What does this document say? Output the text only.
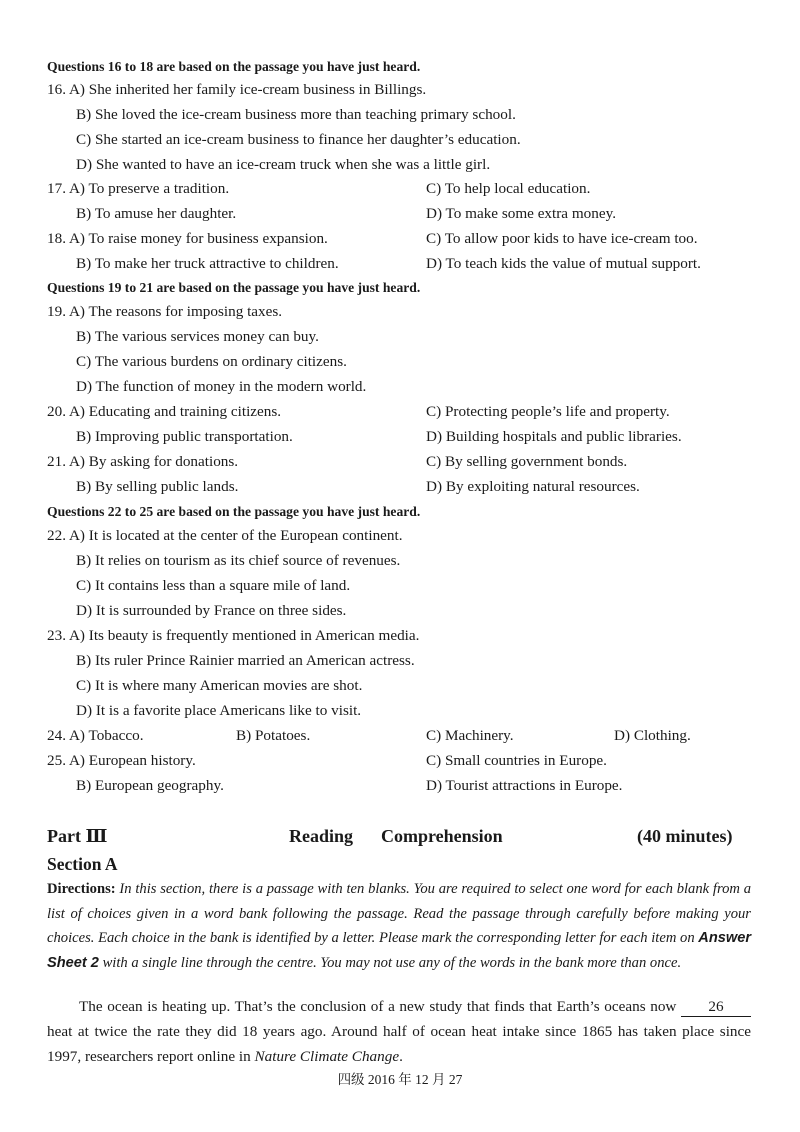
Questions 16 to 18 are based on the passage you have just heard.
16. A) She inherited her family ice-cream business in Billings.
B) She loved the ice-cream business more than teaching primary school.
C) She started an ice-cream business to finance her daughter’s education.
D) She wanted to have an ice-cream truck when she was a little girl.
17. A) To preserve a tradition.	C) To help local education.
B) To amuse her daughter.	D) To make some extra money.
18. A) To raise money for business expansion.	C) To allow poor kids to have ice-cream too.
B) To make her truck attractive to children.	D) To teach kids the value of mutual support.
Questions 19 to 21 are based on the passage you have just heard.
19. A) The reasons for imposing taxes.
B) The various services money can buy.
C) The various burdens on ordinary citizens.
D) The function of money in the modern world.
20. A) Educating and training citizens.	C) Protecting people’s life and property.
B) Improving public transportation.	D) Building hospitals and public libraries.
21. A) By asking for donations.	C) By selling government bonds.
B) By selling public lands.	D) By exploiting natural resources.
Questions 22 to 25 are based on the passage you have just heard.
22. A) It is located at the center of the European continent.
B) It relies on tourism as its chief source of revenues.
C) It contains less than a square mile of land.
D) It is surrounded by France on three sides.
23. A) Its beauty is frequently mentioned in American media.
B) Its ruler Prince Rainier married an American actress.
C) It is where many American movies are shot.
D) It is a favorite place Americans like to visit.
24. A) Tobacco.	B) Potatoes.	C) Machinery.	D) Clothing.
25. A) European history.	C) Small countries in Europe.
B) European geography.	D) Tourist attractions in Europe.
Part Ⅲ	Reading Comprehension	(40 minutes)
Section A
Directions: In this section, there is a passage with ten blanks. You are required to select one word for each blank from a list of choices given in a word bank following the passage. Read the passage through carefully before making your choices. Each choice in the bank is identified by a letter. Please mark the corresponding letter for each item on Answer Sheet 2 with a single line through the centre. You may not use any of the words in the bank more than once.
The ocean is heating up. That’s the conclusion of a new study that finds that Earth’s oceans now 26 heat at twice the rate they did 18 years ago. Around half of ocean heat intake since 1865 has taken place since 1997, researchers report online in Nature Climate Change.
四级 2016 年 12 月 27
